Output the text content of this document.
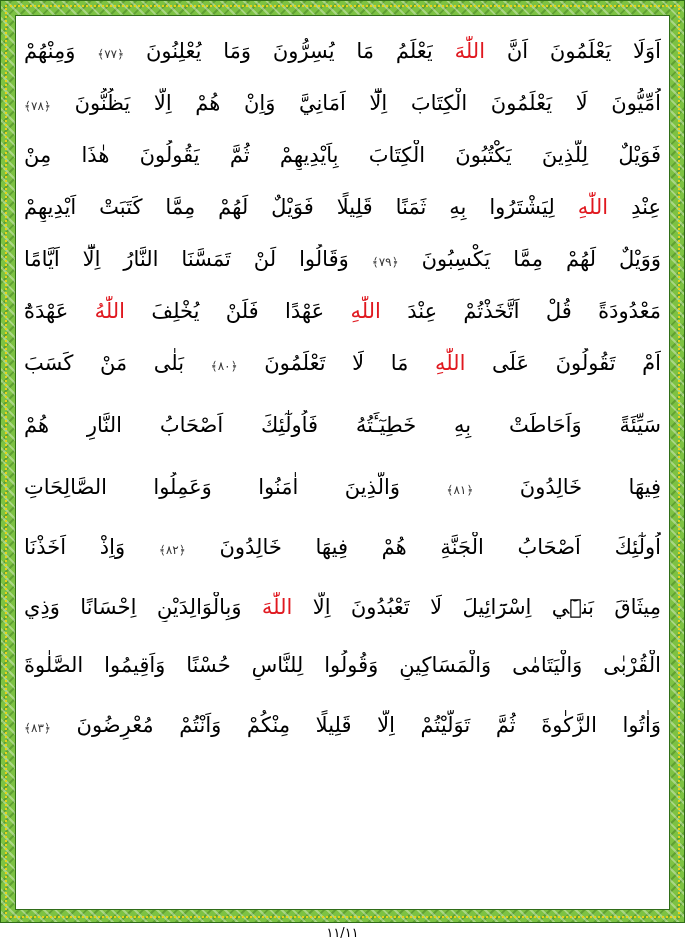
اَوَلَا يَعْلَمُونَ اَنَّ اللّٰهَ يَعْلَمُ مَا يُسِرُّونَ وَمَا يُعْلِنُونَ ﴿٧٧﴾ وَمِنْهُمْ
اُمِّيُّونَ لَا يَعْلَمُونَ الْكِتَابَ اِلَّٓا اَمَانِيَّ وَاِنْ هُمْ اِلَّا يَظُنُّونَ ﴿٧٨﴾
فَوَيْلٌ لِلَّذِينَ يَكْتُبُونَ الْكِتَابَ بِاَيْدِيهِمْ ثُمَّ يَقُولُونَ هٰذَا مِنْ
عِنْدِ اللّٰهِ لِيَشْتَرُوا بِهِ ثَمَنًا قَلِيلًا فَوَيْلٌ لَهُمْ مِمَّا كَتَبَتْ اَيْدِيهِمْ
وَوَيْلٌ لَهُمْ مِمَّا يَكْسِبُونَ ﴿٧٩﴾ وَقَالُوا لَنْ تَمَسَّنَا النَّارُ اِلَّٓا اَيَّامًا
مَعْدُودَةً قُلْ اَتَّخَذْتُمْ عِنْدَ اللّٰهِ عَهْدًا فَلَنْ يُخْلِفَ اللّٰهُ عَهْدَهُٓ
اَمْ تَقُولُونَ عَلَى اللّٰهِ مَا لَا تَعْلَمُونَ ﴿٨٠﴾ بَلٰى مَنْ كَسَبَ
سَيِّئَةً وَاَحَاطَتْ بِهِ خَطِيٓـَٔتُهُ فَاُولٰٓئِكَ اَصْحَابُ النَّارِ هُمْ
فِيهَا خَالِدُونَ ﴿٨١﴾ وَالَّذِينَ اٰمَنُوا وَعَمِلُوا الصَّالِحَاتِ
اُولٰٓئِكَ اَصْحَابُ الْجَنَّةِ هُمْ فِيهَا خَالِدُونَ ﴿٨٢﴾ وَاِذْ اَخَذْنَا
مِيثَاقَ بَنٖٓي اِسْرَٓائِيلَ لَا تَعْبُدُونَ اِلَّا اللّٰهَ وَبِالْوَالِدَيْنِ اِحْسَانًا وَذِي
الْقُرْبٰى وَالْيَتَامٰى وَالْمَسَاكِينِ وَقُولُوا لِلنَّاسِ حُسْنًا وَاَقِيمُوا الصَّلٰوةَ
وَاٰتُوا الزَّكٰوةَ ثُمَّ تَوَلَّيْتُمْ اِلَّا قَلِيلًا مِنْكُمْ وَاَنْتُمْ مُعْرِضُونَ ﴿٨٣﴾
١١/١١
